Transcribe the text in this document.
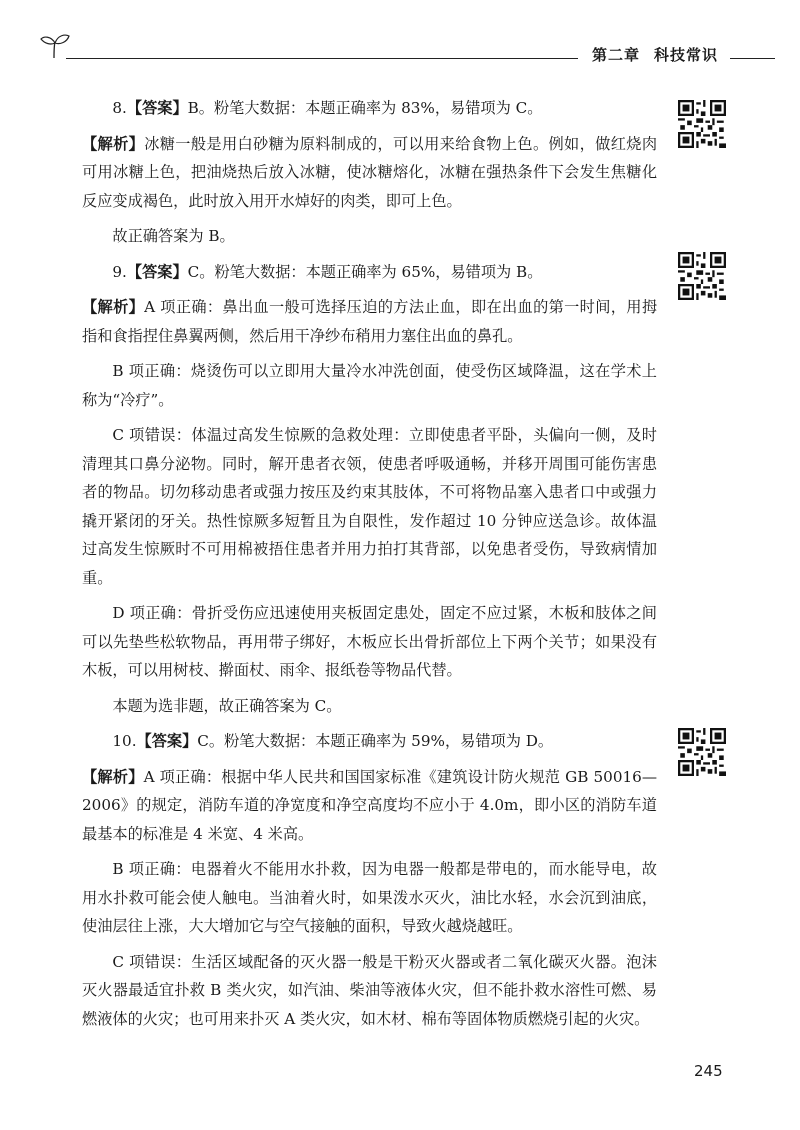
第二章 科技常识

8.【答案】B。粉笔大数据：本题正确率为 83%，易错项为 C。

【解析】冰糖一般是用白砂糖为原料制成的，可以用来给食物上色。例如，做红烧肉可用冰糖上色，把油烧热后放入冰糖，使冰糖熔化，冰糖在强热条件下会发生焦糖化反应变成褐色，此时放入用开水焯好的肉类，即可上色。

故正确答案为 B。

9.【答案】C。粉笔大数据：本题正确率为 65%，易错项为 B。

【解析】A 项正确：鼻出血一般可选择压迫的方法止血，即在出血的第一时间，用拇指和食指捏住鼻翼两侧，然后用干净纱布稍用力塞住出血的鼻孔。

B 项正确：烧烫伤可以立即用大量冷水冲洗创面，使受伤区域降温，这在学术上称为“冷疗”。

C 项错误：体温过高发生惊厥的急救处理：立即使患者平卧，头偏向一侧，及时清理其口鼻分泌物。同时，解开患者衣领，使患者呼吸通畅，并移开周围可能伤害患者的物品。切勿移动患者或强力按压及约束其肢体，不可将物品塞入患者口中或强力撬开紧闭的牙关。热性惊厥多短暂且为自限性，发作超过 10 分钟应送急诊。故体温过高发生惊厥时不可用棉被捂住患者并用力拍打其背部，以免患者受伤，导致病情加重。

D 项正确：骨折受伤应迅速使用夹板固定患处，固定不应过紧，木板和肢体之间可以先垫些松软物品，再用带子绑好，木板应长出骨折部位上下两个关节；如果没有木板，可以用树枝、擀面杖、雨伞、报纸卷等物品代替。

本题为选非题，故正确答案为 C。

10.【答案】C。粉笔大数据：本题正确率为 59%，易错项为 D。

【解析】A 项正确：根据中华人民共和国国家标准《建筑设计防火规范 GB 50016—2006》的规定，消防车道的净宽度和净空高度均不应小于 4.0m，即小区的消防车道最基本的标准是 4 米宽、4 米高。

B 项正确：电器着火不能用水扑救，因为电器一般都是带电的，而水能导电，故用水扑救可能会使人触电。当油着火时，如果泼水灭火，油比水轻，水会沉到油底，使油层往上涨，大大增加它与空气接触的面积，导致火越烧越旺。

C 项错误：生活区域配备的灭火器一般是干粉灭火器或者二氧化碳灭火器。泡沫灭火器最适宜扑救 B 类火灾，如汽油、柴油等液体火灾，但不能扑救水溶性可燃、易燃液体的火灾；也可用来扑灭 A 类火灾，如木材、棉布等固体物质燃烧引起的火灾。

245
